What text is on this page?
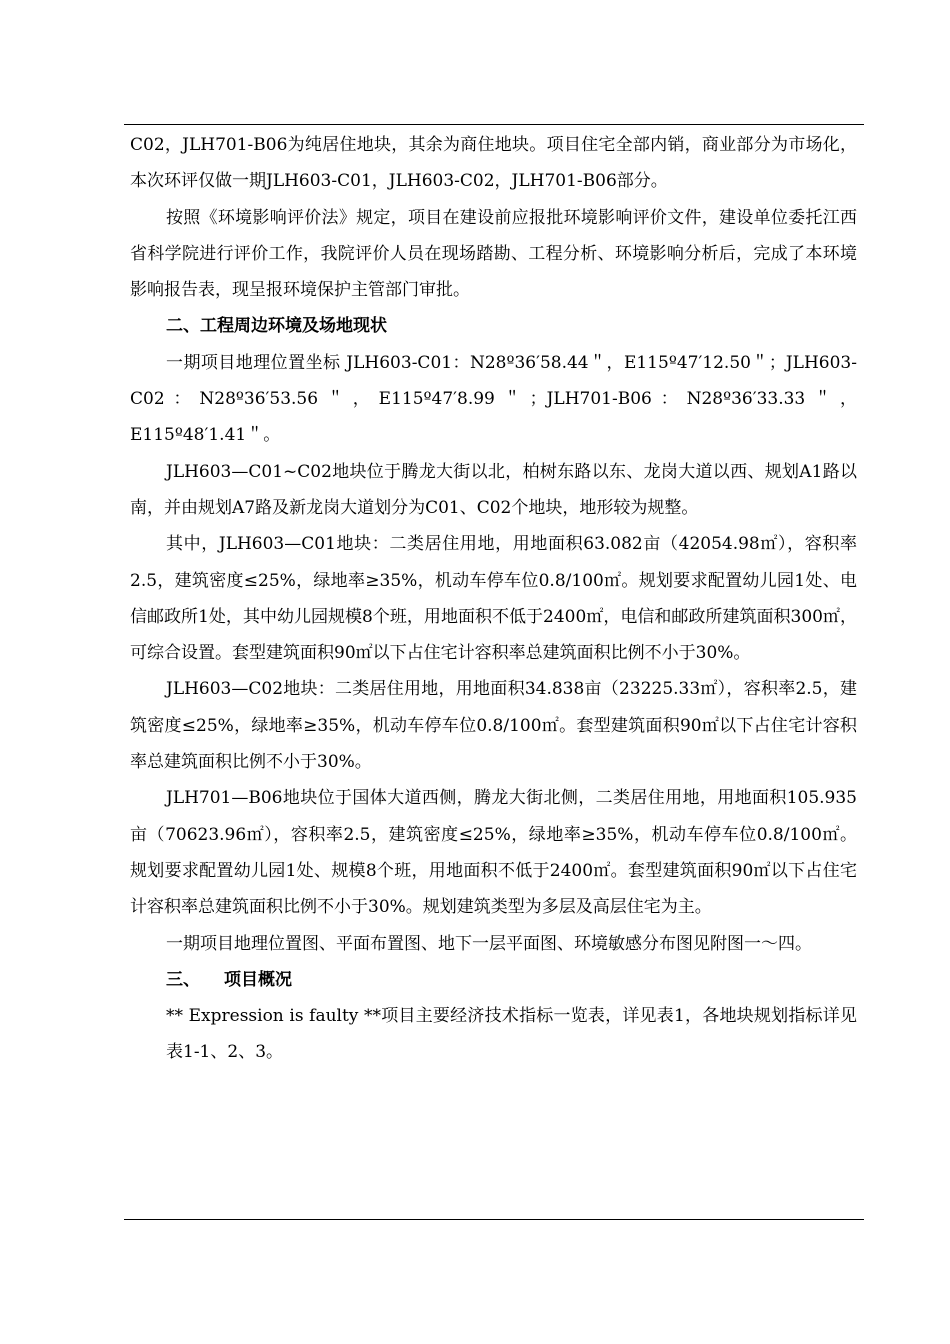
C02，JLH701-B06为纯居住地块，其余为商住地块。项目住宅全部内销，商业部分为市场化，本次环评仅做一期JLH603-C01，JLH603-C02，JLH701-B06部分。

按照《环境影响评价法》规定，项目在建设前应报批环境影响评价文件，建设单位委托江西省科学院进行评价工作，我院评价人员在现场踏勘、工程分析、环境影响分析后，完成了本环境影响报告表，现呈报环境保护主管部门审批。

二、工程周边环境及场地现状

一期项目地理位置坐标 JLH603-C01：N28º36′58.44＂，E115º47′12.50＂；JLH603-C02：N28º36′53.56＂，E115º47′8.99＂；JLH701-B06：N28º36′33.33＂，E115º48′1.41＂。

JLH603—C01~C02地块位于腾龙大街以北，柏树东路以东、龙岗大道以西、规划A1路以南，并由规划A7路及新龙岗大道划分为C01、C02个地块，地形较为规整。

其中，JLH603—C01地块：二类居住用地，用地面积63.082亩（42054.98㎡），容积率2.5，建筑密度≤25%，绿地率≥35%，机动车停车位0.8/100㎡。规划要求配置幼儿园1处、电信邮政所1处，其中幼儿园规模8个班，用地面积不低于2400㎡，电信和邮政所建筑面积300㎡，可综合设置。套型建筑面积90㎡以下占住宅计容积率总建筑面积比例不小于30%。

JLH603—C02地块：二类居住用地，用地面积34.838亩（23225.33㎡），容积率2.5，建筑密度≤25%，绿地率≥35%，机动车停车位0.8/100㎡。套型建筑面积90㎡以下占住宅计容积率总建筑面积比例不小于30%。

JLH701—B06地块位于国体大道西侧，腾龙大街北侧，二类居住用地，用地面积105.935亩（70623.96㎡），容积率2.5，建筑密度≤25%，绿地率≥35%，机动车停车位0.8/100㎡。规划要求配置幼儿园1处、规模8个班，用地面积不低于2400㎡。套型建筑面积90㎡以下占住宅计容积率总建筑面积比例不小于30%。规划建筑类型为多层及高层住宅为主。

一期项目地理位置图、平面布置图、地下一层平面图、环境敏感分布图见附图一～四。

三、 项目概况

** Expression is faulty **项目主要经济技术指标一览表，详见表1，各地块规划指标详见表1-1、2、3。
